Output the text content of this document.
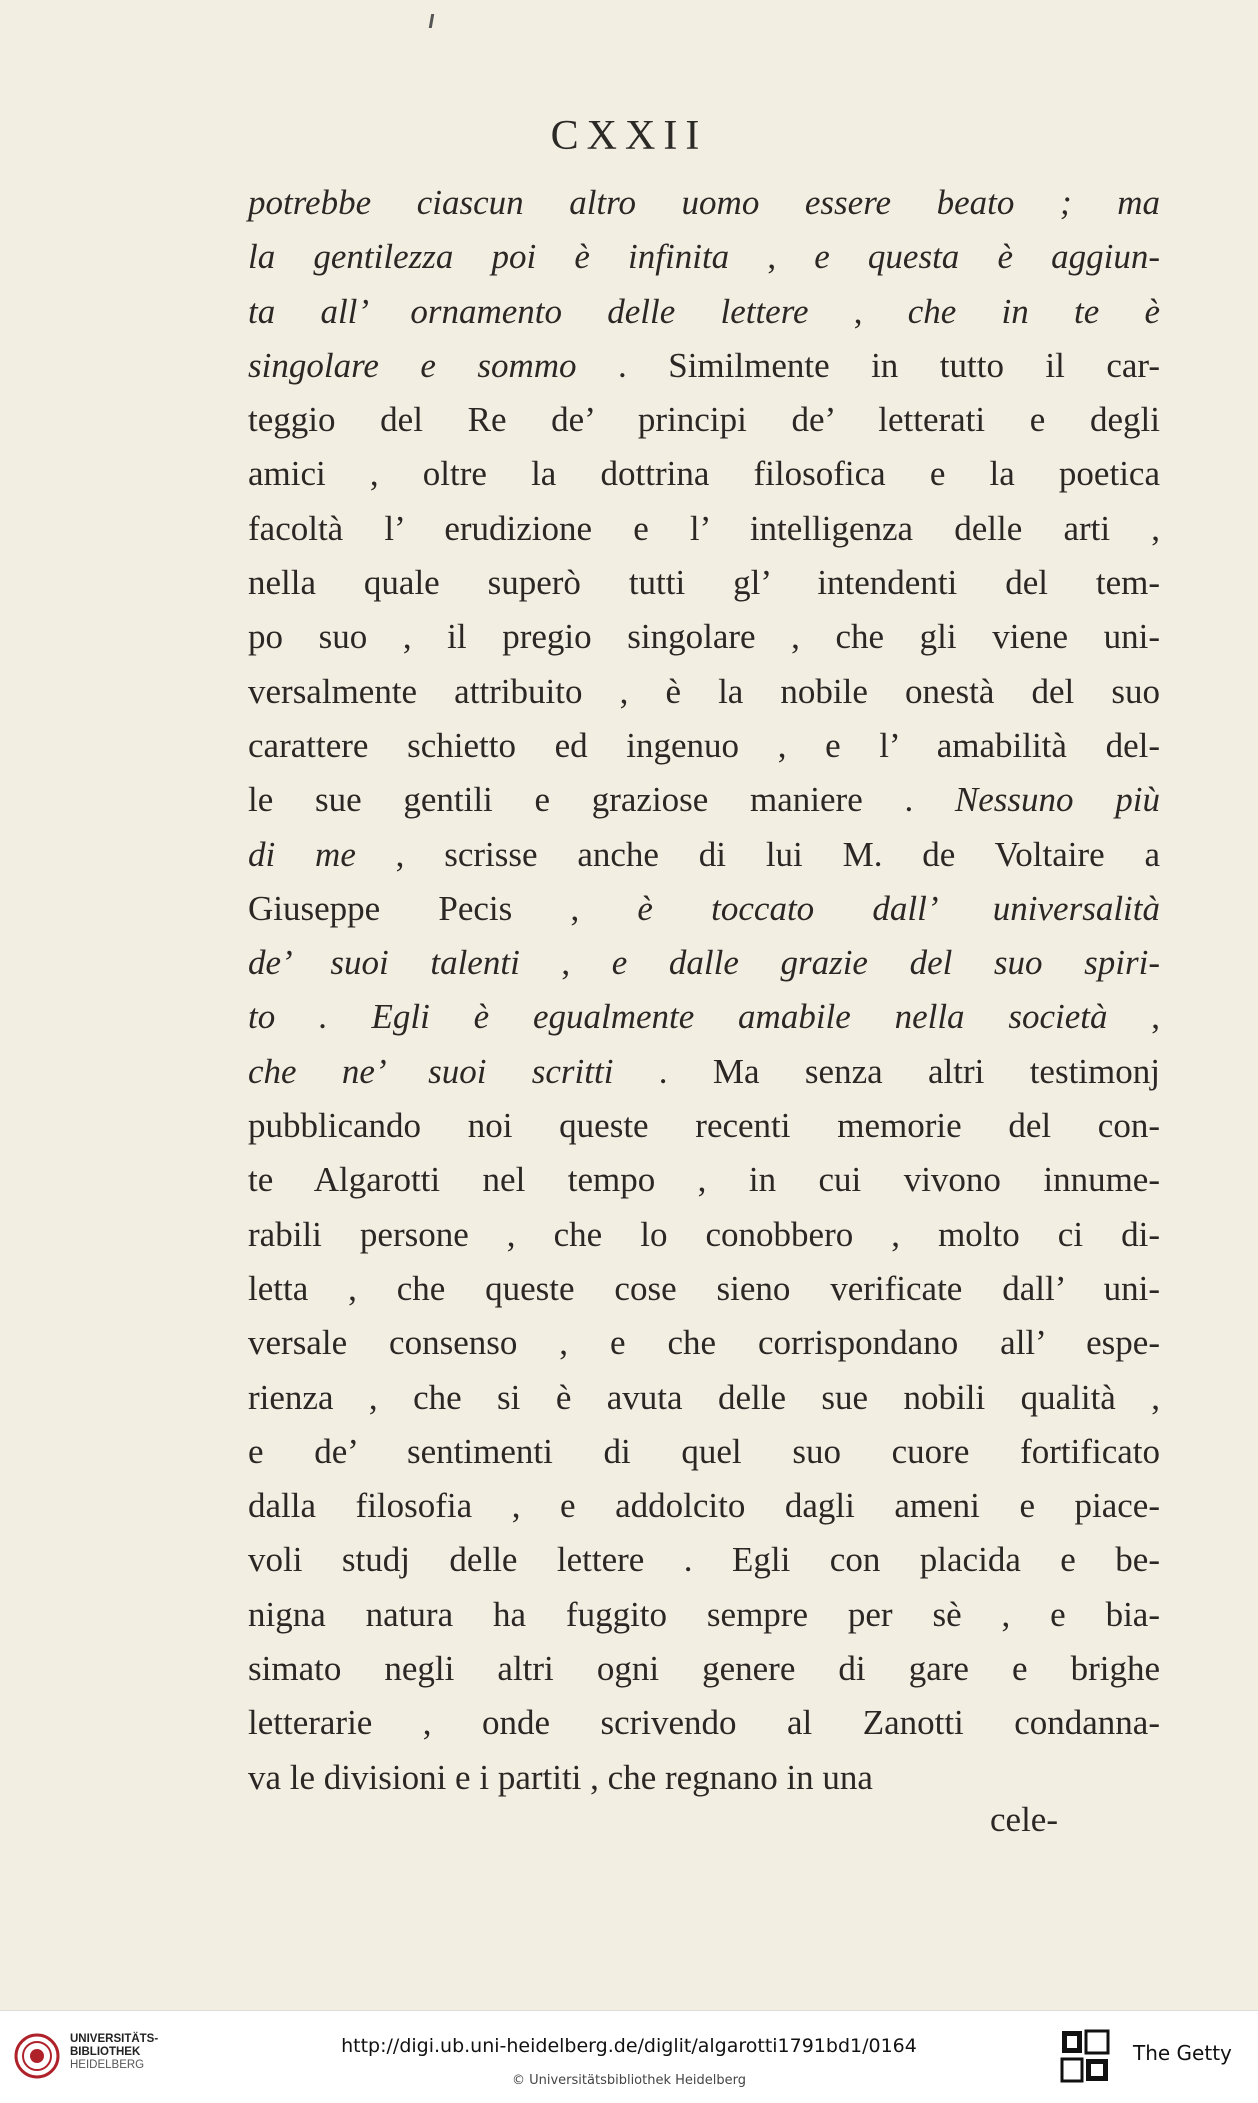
CXXII
potrebbe ciascun altro uomo essere beato ; ma
la gentilezza poi è infinita , e questa è aggiun-
ta all’ ornamento delle lettere , che in te è
singolare e sommo . Similmente in tutto il car-
teggio del Re de’ principi de’ letterati e degli
amici , oltre la dottrina filosofica e la poetica
facoltà l’ erudizione e l’ intelligenza delle arti ,
nella quale superò tutti gl’ intendenti del tem-
po suo , il pregio singolare , che gli viene uni-
versalmente attribuito , è la nobile onestà del suo
carattere schietto ed ingenuo , e l’ amabilità del-
le sue gentili e graziose maniere . Nessuno più
di me , scrisse anche di lui M. de Voltaire a
Giuseppe Pecis , è toccato dall’ universalità
de’ suoi talenti , e dalle grazie del suo spiri-
to . Egli è egualmente amabile nella società ,
che ne’ suoi scritti . Ma senza altri testimonj
pubblicando noi queste recenti memorie del con-
te Algarotti nel tempo , in cui vivono innume-
rabili persone , che lo conobbero , molto ci di-
letta , che queste cose sieno verificate dall’ uni-
versale consenso , e che corrispondano all’ espe-
rienza , che si è avuta delle sue nobili qualità ,
e de’ sentimenti di quel suo cuore fortificato
dalla filosofia , e addolcito dagli ameni e piace-
voli studj delle lettere . Egli con placida e be-
nigna natura ha fuggito sempre per sè , e bia-
simato negli altri ogni genere di gare e brighe
letterarie , onde scrivendo al Zanotti condanna-
va le divisioni e i partiti , che regnano in una
cele-
UNIVERSITÄTS-
BIBLIOTHEK
HEIDELBERG
http://digi.ub.uni-heidelberg.de/diglit/algarotti1791bd1/0164
© Universitätsbibliothek Heidelberg
The Getty
